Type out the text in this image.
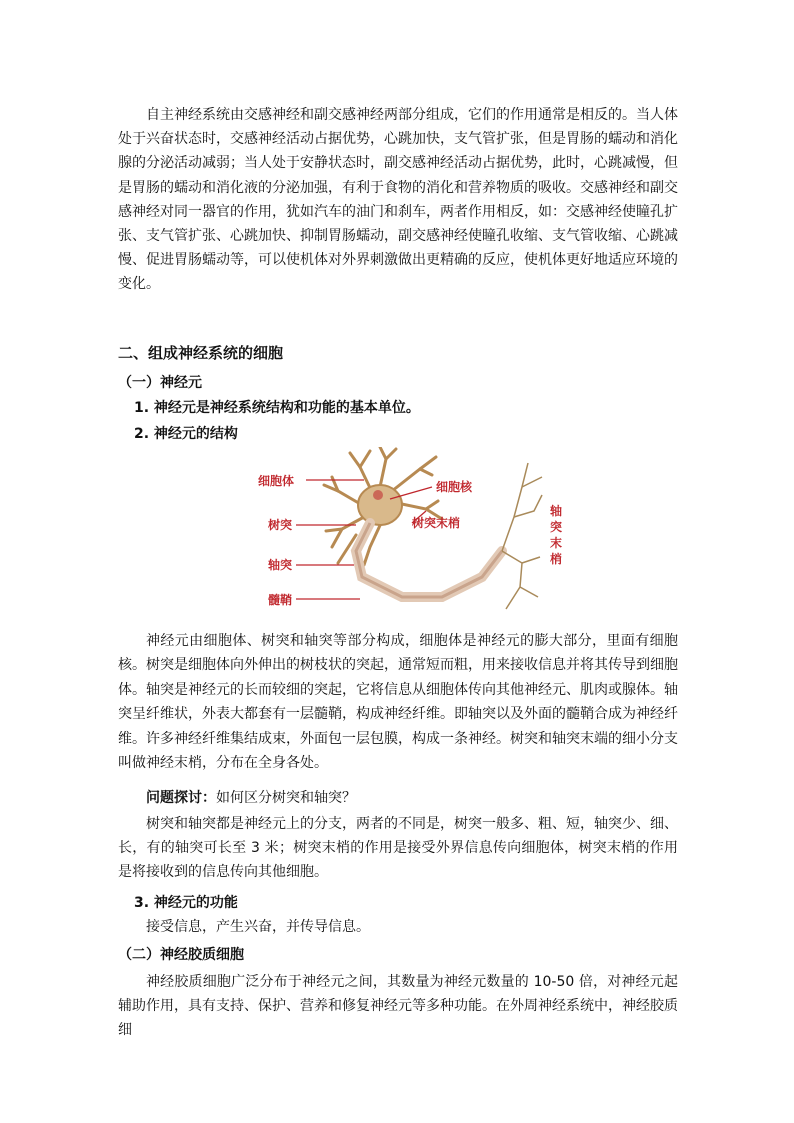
自主神经系统由交感神经和副交感神经两部分组成，它们的作用通常是相反的。当人体处于兴奋状态时，交感神经活动占据优势，心跳加快，支气管扩张，但是胃肠的蠕动和消化腺的分泌活动减弱；当人处于安静状态时，副交感神经活动占据优势，此时，心跳减慢，但是胃肠的蠕动和消化液的分泌加强，有利于食物的消化和营养物质的吸收。交感神经和副交感神经对同一器官的作用，犹如汽车的油门和刹车，两者作用相反，如：交感神经使瞳孔扩张、支气管扩张、心跳加快、抑制胃肠蠕动，副交感神经使瞳孔收缩、支气管收缩、心跳减慢、促进胃肠蠕动等，可以使机体对外界刺激做出更精确的反应，使机体更好地适应环境的变化。

二、组成神经系统的细胞
（一）神经元
1. 神经元是神经系统结构和功能的基本单位。
2. 神经元的结构
细胞体
树突
轴突
髓鞘
细胞核
树突末梢
轴
突
末
梢

神经元由细胞体、树突和轴突等部分构成，细胞体是神经元的膨大部分，里面有细胞核。树突是细胞体向外伸出的树枝状的突起，通常短而粗，用来接收信息并将其传导到细胞体。轴突是神经元的长而较细的突起，它将信息从细胞体传向其他神经元、肌肉或腺体。轴突呈纤维状，外表大都套有一层髓鞘，构成神经纤维。即轴突以及外面的髓鞘合成为神经纤维。许多神经纤维集结成束，外面包一层包膜，构成一条神经。树突和轴突末端的细小分支叫做神经末梢，分布在全身各处。

问题探讨：如何区分树突和轴突？

树突和轴突都是神经元上的分支，两者的不同是，树突一般多、粗、短，轴突少、细、长，有的轴突可长至 3 米；树突末梢的作用是接受外界信息传向细胞体，树突末梢的作用是将接收到的信息传向其他细胞。

3. 神经元的功能

接受信息，产生兴奋，并传导信息。

（二）神经胶质细胞

神经胶质细胞广泛分布于神经元之间，其数量为神经元数量的 10-50 倍，对神经元起辅助作用，具有支持、保护、营养和修复神经元等多种功能。在外周神经系统中，神经胶质细
